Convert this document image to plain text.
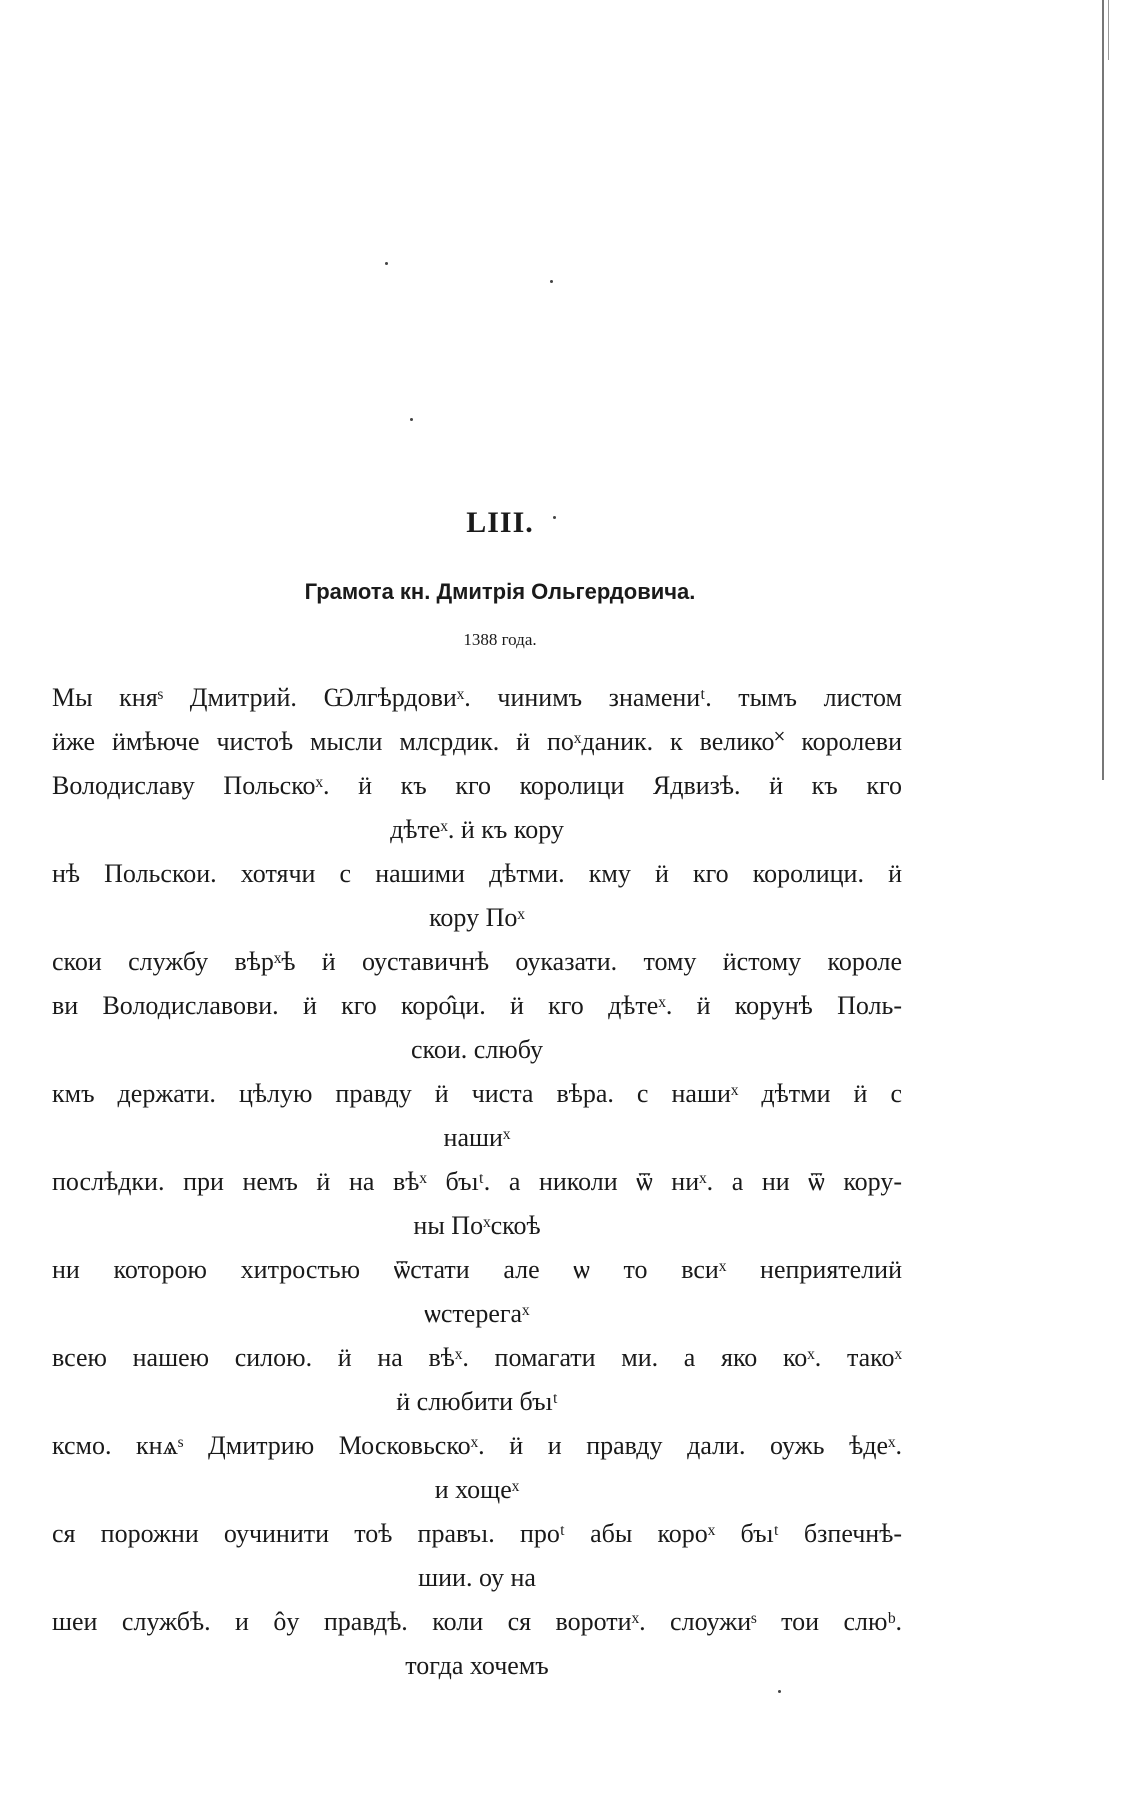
LIII.
Грамота кн. Дмитрія Ольгердовича.
1388 года.
Мы княˢ Дмитрий. Ѡлгѣрдовиˣ. чинимъ знамениᵗ. тымъ листом
ӥже ӥмѣюче чистоѣ мысли млсрдик. ӥ поˣданик. к велико˟ королеви
Володиславу Польскоˣ. ӥ къ кго королици Ядвизѣ. ӥ къ кго
дѣтеˣ. ӥ къ кору
нѣ Польскои. хотячи с нашими дѣтми. кму ӥ кго королици. ӥ
кору Поˣ
скои службу вѣрˣѣ ӥ оуставичнѣ оуказати. тому ӥстому короле
ви Володиславови. ӥ кго коро̂ци. ӥ кго дѣтеˣ. ӥ корунѣ Поль-
скои. слюбу
кмъ держати. цѣлую правду ӥ чиста вѣра. с нашиˣ дѣтми ӥ с
нашиˣ
послѣдки. при немъ ӥ на вѣˣ бъıᵗ. а николи ѿ ниˣ. а ни ѿ кору-
ны Поˣскоѣ
ни которою хитростью ѿстати але ѡ то всиˣ неприятелиӥ
ѡстерегаˣ
всею нашею силою. ӥ на вѣˣ. помагати ми. а яко коˣ. такоˣ
ӥ слюбити бъıᵗ
ксмо. кнѧˢ Дмитрию Московьскоˣ. ӥ и правду дали. оужь ѣдеˣ.
и хощеˣ
ся порожни оучинити тоѣ правъı. проᵗ абы короˣ бъıᵗ бзпечнѣ-
шии. оу на
шеи службѣ. и ôу правдѣ. коли ся воротиˣ. слоужиˢ тои слюᵇ.
тогда хочемъ
